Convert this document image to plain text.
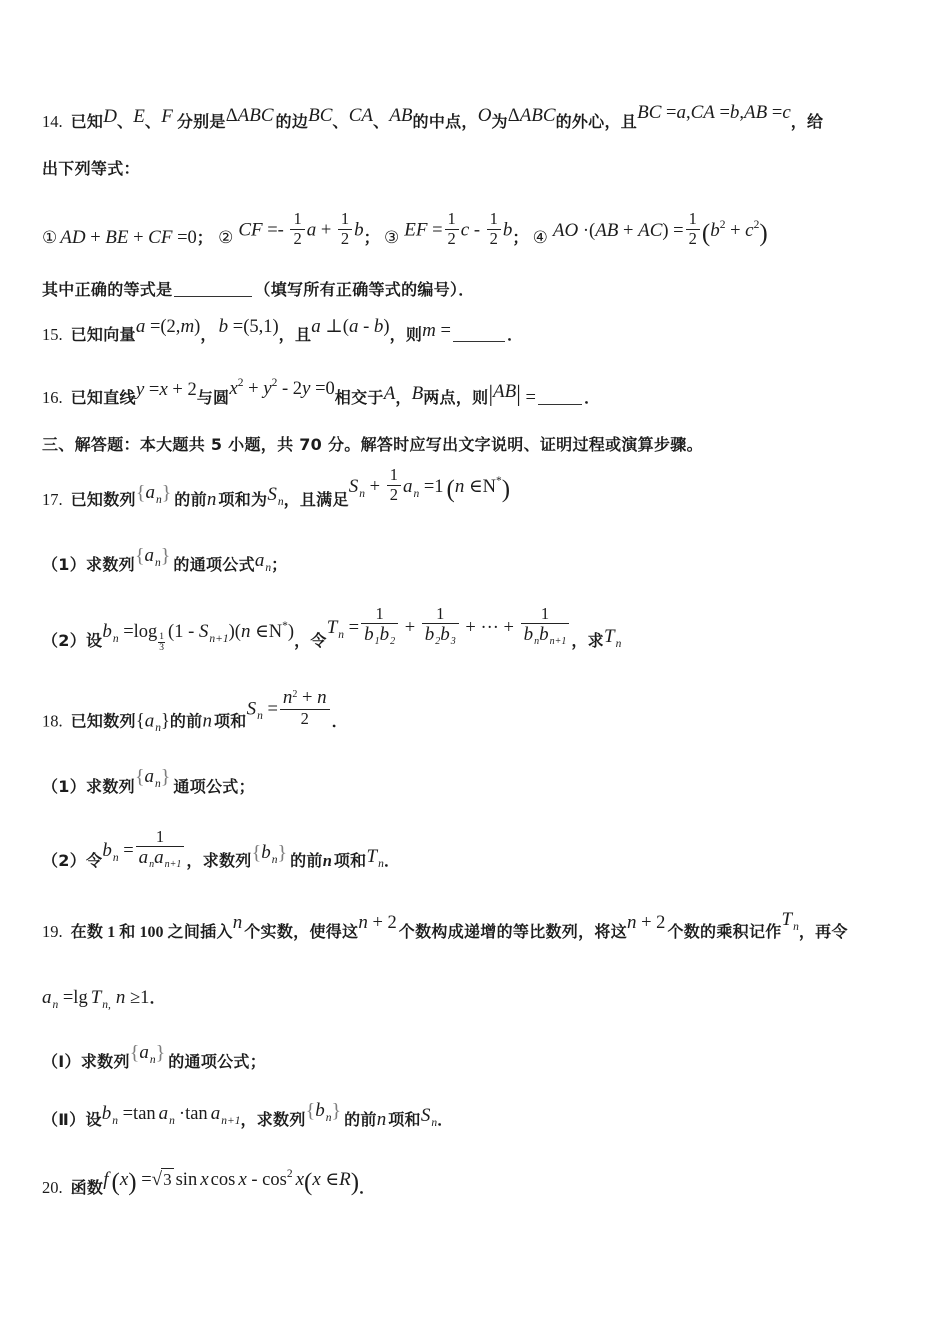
14. 已知D、E、F 分别是ΔABC 的边BC、CA、AB的中点，O为ΔABC的外心，且BC =a,CA =b,AB =c，给
出下列等式：
① AD + BE + CF =0； ② CF =- $\frac{1}{2}$ $a + \frac{1}{2}$ b； ③ EF = $\frac{1}{2}$ c - $\frac{1}{2}$ b； ④ AO $\cdot(AB + AC) = \frac{1}{2} (b^2 + c^2)$
其中正确的等式是	（填写所有正确等式的编号）．
15. 已知向量a =(2,m)， b =(5,1)，且a ⊥(a - b)，则m =	．
16. 已知直线y =x + 2与圆$x^2 + y^2 - 2y =0$相交于A，B两点，则|AB| =	．
三、解答题：本大题共 5 小题，共 70 分。解答时应写出文字说明、证明过程或演算步骤。
17. 已知数列$\{a_n\}$ 的前n 项和为$S_n$，且满足$S_n + \frac{1}{2} a_n =1$ (n ∈N*)
（1）求数列$\{a_n\}$ 的通项公式$a_n$；
（2）设$b_n =\log \frac{1}{3} (1 - S_{n+1})(n$ ∈N*)，令$T_n = \frac{1}{b_1b_2} + \frac{1}{b_2b_3}$ + ··· + $\frac{1}{b_nb_{n+1}}$ ，求$T_n$
18. 已知数列$\{a_n\}$的前n 项和$S_n = \frac{n^2 + n}{2}$ ．
（1）求数列$\{a_n\}$ 通项公式；
（2）令$b_n = \frac{1}{a_na_{n+1}}$ ，求数列$\{b_n\}$ 的前n 项和$T_n$．
19. 在数 1 和 100 之间插入n 个实数，使得这n + 2 个数构成递增的等比数列，将这n + 2 个数的乘积记作$T_n$，再令
$a_n =\lg$ $T_{n,}$ n ≥1．
（Ⅰ）求数列$\{a_n\}$ 的通项公式；
（Ⅱ）设$b_n =\tan$ $a_n \cdot\tan$ $a_{n+1}$，求数列$\{b_n\}$ 的前n 项和$S_n$．
20. 函数f (x) =√3 sin x cos x - $\cos^2 x(x$ ∈R)．
